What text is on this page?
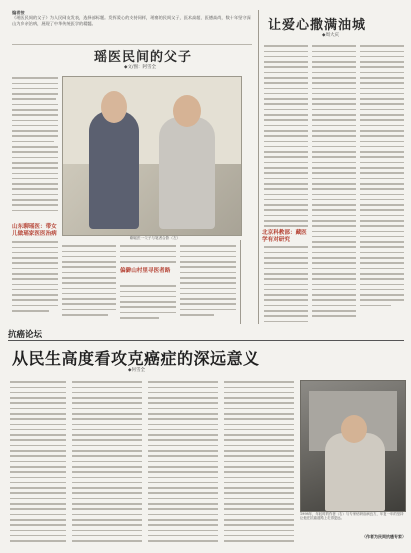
编者按
《瑶医民间的父子》为人民网友发表，选择部标题。发挥爱心的支持同样，瑶寨的民间父子，医术高超、医德高尚，数十年坚守深山为乡亲治病，展现了中华传统医学的精髓。
瑶医民间的父子
◆文/图：阿雪全
山东聊瑶医：带女儿做瑶家医医治病
聊瑶医一父子与笔者合影（左）
偏僻山村里寻医者路
让爱心撒满油城
◆周大庆
北京科教部：藏医学有对研究
抗癌论坛
从民生高度看攻克癌症的深远意义
◆何雪全
1998年，年轻时的作者（右）与专家钻研治病良方，年复一年的坚持让他在抗癌道路上走得更远。
（作者为民间抗癌专家）
